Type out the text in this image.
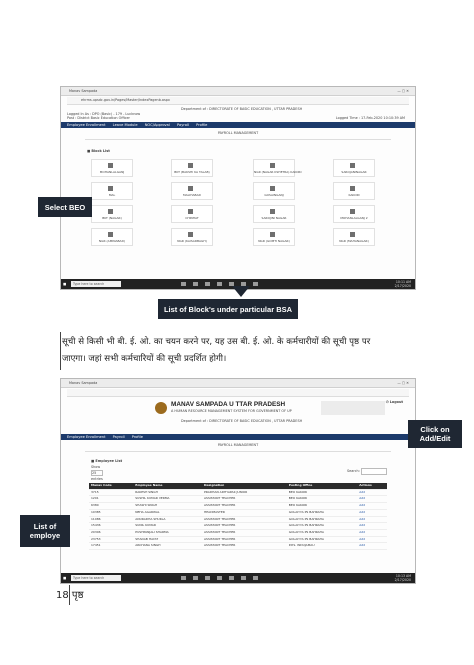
Manav Sampada	— ▢ ✕
ehrms.upsdc.gov.in/Pages/Master/IndexPagenb.aspx
Department of : DIRECTORATE OF BASIC EDUCATION , UTTAR PRADESH
Logged In As : DPO (Basic) - 179 - Lucknow
Post : District Basic Education Officer	Logged Time : 17-Feb-2020 10:10:39 AM
Employee Enrollment Leave Module NOC/Approval Payroll Profile
PAYROLL MANAGEMENT
■ Block List
MOHANLALGANJ	BKT (BAKSHI KA TALAB)	NGR (NAGAR KSHETRA) KAKORI	SAROJANINAGAR
MAL	MALIHABAD	GOSAINGANJ	KAKORI
BKT (NAGAR)	CHINHAT	SAROJINI NAGAR	MOHANLALGANJ 2
NGR (AMINABAD)	NGR (KAISARBAGH)	NGR (GOMTI NAGAR)	NGR (MAHANAGAR)
■	Type here to search	10:11 AM
2/17/2020
Select BEO
List of Block's under particular BSA
सूची से किसी भी बी. ई. ओ. का चयन करने पर, यह उस बी. ई. ओ. के कर्मचारीयों की सूची पृष्ठ पर
जाएगा। जहां सभी कर्मचारियों की सूची प्रदर्शित होगी।
Manav Sampada	— ▢ ✕
MANAV SAMPADA U TTAR PRADESH
A HUMAN RESOURCE MANAGEMENT SYSTEM FOR GOVERNMENT OF UP
⏻ Logout
Department of : DIRECTORATE OF BASIC EDUCATION , UTTAR PRADESH
Employee Enrollment Payroll Profile
PAYROLL MANAGEMENT
■ Employee List
Show
25
entries
Search:
Manav Code	Employee Name	Designation	Posting Office	Actions
3715	RAKESH SINGH	PRADHAN ADHYAPAK JUNIOR	BEO KAKORI	Add
1201	SUSHIL KUMAR VERMA	ASSISTANT TEACHER	BEO KAKORI	Add
6380	SHASHI SINGH	ASSISTANT TEACHER	BEO KAKORI	Add
10385	NEHA AGARWAL	HEADMASTER	GOLAIYYA PS BAHRAHA	Add
11086	ANURADHA SHUKLA	ASSISTANT TEACHER	GOLAIYYA PS BAHRAHA	Add
15436	SUNIL KUMAR	ASSISTANT TEACHER	GOLAIYYA PS BAHRAHA	Add
20306	PUSHPANJALI SHARMA	ASSISTANT TEACHER	GOLAIYYA PS BAHRAHA	Add
23753	SHADAB HAYAT	ASSISTANT TEACHER	GOLAIYYA PS BAHRAHA	Add
17451	ARCHANA SINGH	ASSISTANT TEACHER	P.P.S. INDUJAMAU	Add
■	Type here to search	10:13 AM
2/17/2020
Click on
Add/Edit
List of
employe
18 पृष्ठ
